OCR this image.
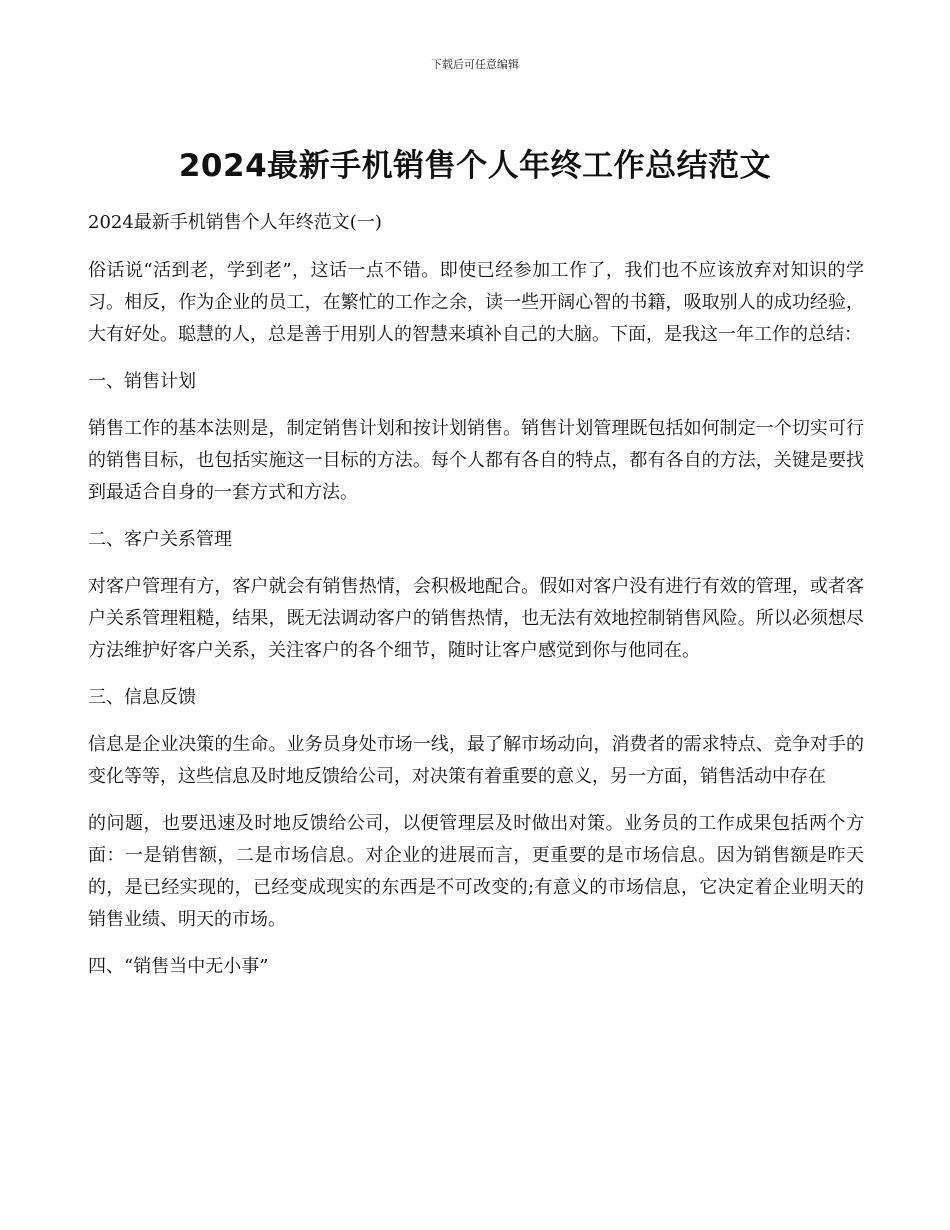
下载后可任意编辑
2024最新手机销售个人年终工作总结范文

2024最新手机销售个人年终范文(一)

俗话说“活到老，学到老”，这话一点不错。即使已经参加工作了，我们也不应该放弃对知识的学习。相反，作为企业的员工，在繁忙的工作之余，读一些开阔心智的书籍，吸取别人的成功经验，大有好处。聪慧的人，总是善于用别人的智慧来填补自己的大脑。下面，是我这一年工作的总结：

一、销售计划

销售工作的基本法则是，制定销售计划和按计划销售。销售计划管理既包括如何制定一个切实可行的销售目标，也包括实施这一目标的方法。每个人都有各自的特点，都有各自的方法，关键是要找到最适合自身的一套方式和方法。

二、客户关系管理

对客户管理有方，客户就会有销售热情，会积极地配合。假如对客户没有进行有效的管理，或者客户关系管理粗糙，结果，既无法调动客户的销售热情，也无法有效地控制销售风险。所以必须想尽方法维护好客户关系，关注客户的各个细节，随时让客户感觉到你与他同在。

三、信息反馈

信息是企业决策的生命。业务员身处市场一线，最了解市场动向，消费者的需求特点、竞争对手的变化等等，这些信息及时地反馈给公司，对决策有着重要的意义，另一方面，销售活动中存在

的问题，也要迅速及时地反馈给公司，以便管理层及时做出对策。业务员的工作成果包括两个方面：一是销售额，二是市场信息。对企业的进展而言，更重要的是市场信息。因为销售额是昨天的，是已经实现的，已经变成现实的东西是不可改变的;有意义的市场信息，它决定着企业明天的销售业绩、明天的市场。

四、“销售当中无小事”
